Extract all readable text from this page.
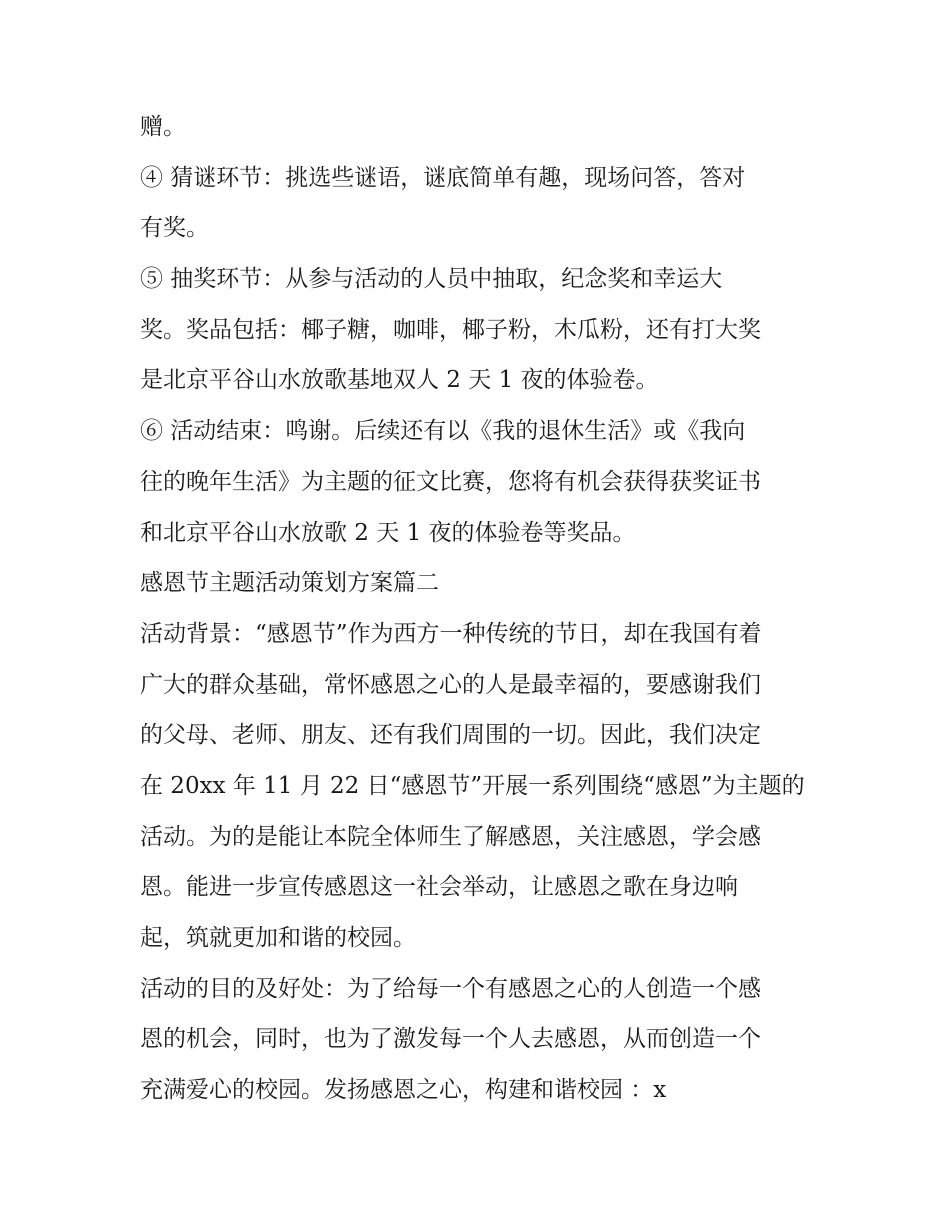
赠。
④ 猜谜环节：挑选些谜语，谜底简单有趣，现场问答，答对
有奖。
⑤ 抽奖环节：从参与活动的人员中抽取，纪念奖和幸运大
奖。奖品包括：椰子糖，咖啡，椰子粉，木瓜粉，还有打大奖
是北京平谷山水放歌基地双人 2 天 1 夜的体验卷。
⑥ 活动结束：鸣谢。后续还有以《我的退休生活》或《我向
往的晚年生活》为主题的征文比赛，您将有机会获得获奖证书
和北京平谷山水放歌 2 天 1 夜的体验卷等奖品。
感恩节主题活动策划方案篇二
活动背景：“感恩节”作为西方一种传统的节日，却在我国有着
广大的群众基础，常怀感恩之心的人是最幸福的，要感谢我们
的父母、老师、朋友、还有我们周围的一切。因此，我们决定
在 20xx 年 11 月 22 日“感恩节”开展一系列围绕“感恩”为主题的
活动。为的是能让本院全体师生了解感恩，关注感恩，学会感
恩。能进一步宣传感恩这一社会举动，让感恩之歌在身边响
起，筑就更加和谐的校园。
活动的目的及好处：为了给每一个有感恩之心的人创造一个感
恩的机会，同时，也为了激发每一个人去感恩，从而创造一个
充满爱心的校园。发扬感恩之心，构建和谐校园 ：x
